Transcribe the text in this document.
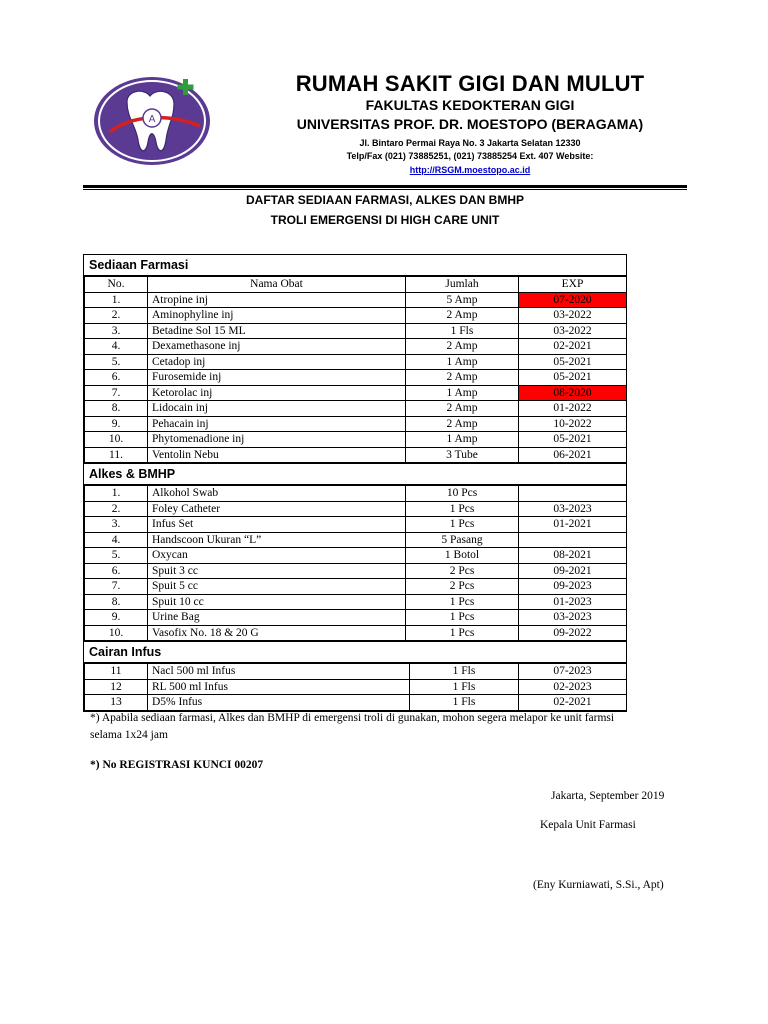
A
RUMAH SAKIT GIGI DAN MULUT
FAKULTAS KEDOKTERAN GIGI
UNIVERSITAS PROF. DR. MOESTOPO (BERAGAMA)
Jl. Bintaro Permai Raya No. 3 Jakarta Selatan 12330
Telp/Fax (021) 73885251, (021) 73885254 Ext. 407 Website:
http://RSGM.moestopo.ac.id
DAFTAR SEDIAAN FARMASI, ALKES DAN BMHP
TROLI EMERGENSI DI HIGH CARE UNIT
Sediaan Farmasi
No.	Nama Obat	Jumlah	EXP
1.	Atropine inj	5 Amp	07-2020
2.	Aminophyline inj	2 Amp	03-2022
3.	Betadine Sol 15 ML	1 Fls	03-2022
4.	Dexamethasone inj	2 Amp	02-2021
5.	Cetadop inj	1 Amp	05-2021
6.	Furosemide inj	2 Amp	05-2021
7.	Ketorolac inj	1 Amp	08-2020
8.	Lidocain inj	2 Amp	01-2022
9.	Pehacain inj	2 Amp	10-2022
10.	Phytomenadione inj	1 Amp	05-2021
11.	Ventolin Nebu	3 Tube	06-2021
Alkes & BMHP
1.	Alkohol Swab	10 Pcs	
2.	Foley Catheter	1 Pcs	03-2023
3.	Infus Set	1 Pcs	01-2021
4.	Handscoon Ukuran “L”	5 Pasang	
5.	Oxycan	1 Botol	08-2021
6.	Spuit 3 cc	2 Pcs	09-2021
7.	Spuit 5 cc	2 Pcs	09-2023
8.	Spuit 10 cc	1 Pcs	01-2023
9.	Urine Bag	1 Pcs	03-2023
10.	Vasofix No. 18 & 20 G	1 Pcs	09-2022
Cairan Infus
11	Nacl 500 ml Infus	1 Fls	07-2023
12	RL 500 ml Infus	1 Fls	02-2023
13	D5% Infus	1 Fls	02-2021
*) Apabila sediaan farmasi, Alkes dan BMHP di emergensi troli di gunakan, mohon segera melapor ke unit farmsi
selama 1x24 jam
*) No REGISTRASI KUNCI 00207
Jakarta, September 2019
Kepala Unit Farmasi
(Eny Kurniawati, S.Si., Apt)
